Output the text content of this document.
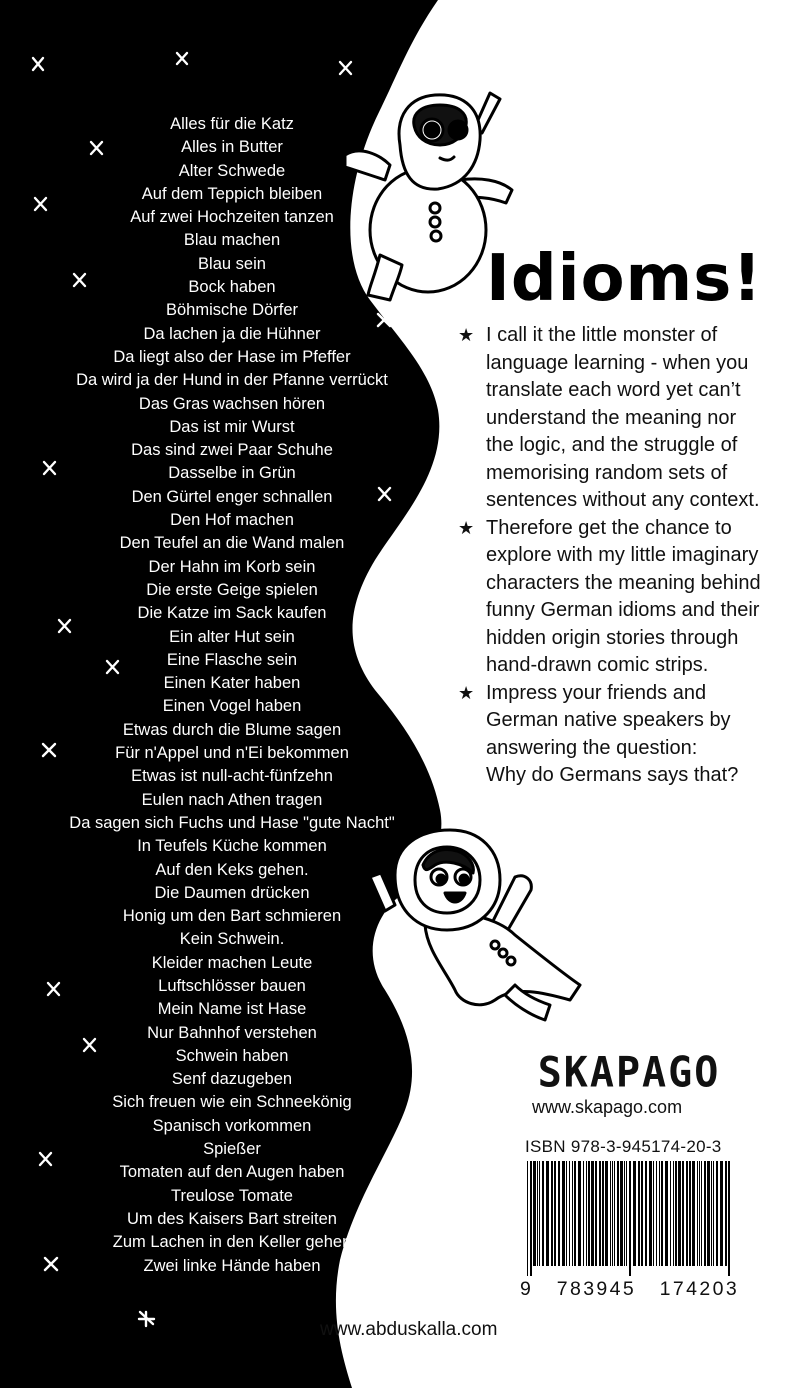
Alles für die Katz
Alles in Butter
Alter Schwede
Auf dem Teppich bleiben
Auf zwei Hochzeiten tanzen
Blau machen
Blau sein
Bock haben
Böhmische Dörfer
Da lachen ja die Hühner
Da liegt also der Hase im Pfeffer
Da wird ja der Hund in der Pfanne verrückt
Das Gras wachsen hören
Das ist mir Wurst
Das sind zwei Paar Schuhe
Dasselbe in Grün
Den Gürtel enger schnallen
Den Hof machen
Den Teufel an die Wand malen
Der Hahn im Korb sein
Die erste Geige spielen
Die Katze im Sack kaufen
Ein alter Hut sein
Eine Flasche sein
Einen Kater haben
Einen Vogel haben
Etwas durch die Blume sagen
Für n'Appel und n'Ei bekommen
Etwas ist null-acht-fünfzehn
Eulen nach Athen tragen
Da sagen sich Fuchs und Hase "gute Nacht"
In Teufels Küche kommen
Auf den Keks gehen.
Die Daumen drücken
Honig um den Bart schmieren
Kein Schwein.
Kleider machen Leute
Luftschlösser bauen
Mein Name ist Hase
Nur Bahnhof verstehen
Schwein haben
Senf dazugeben
Sich freuen wie ein Schneekönig
Spanisch vorkommen
Spießer
Tomaten auf den Augen haben
Treulose Tomate
Um des Kaisers Bart streiten
Zum Lachen in den Keller gehen
Zwei linke Hände haben
Idioms!
★ I call it the little monster of
language learning - when you
translate each word yet can’t
understand the meaning nor
the logic, and the struggle of
memorising random sets of
sentences without any context.
★ Therefore get the chance to
explore with my little imaginary
characters the meaning behind
funny German idioms and their
hidden origin stories through
hand-drawn comic strips.
★ Impress your friends and
German native speakers by
answering the question:
Why do Germans says that?
SKAPAGO
www.skapago.com
ISBN 978-3-945174-20-3
9   783945   174203
www.abduskalla.com
